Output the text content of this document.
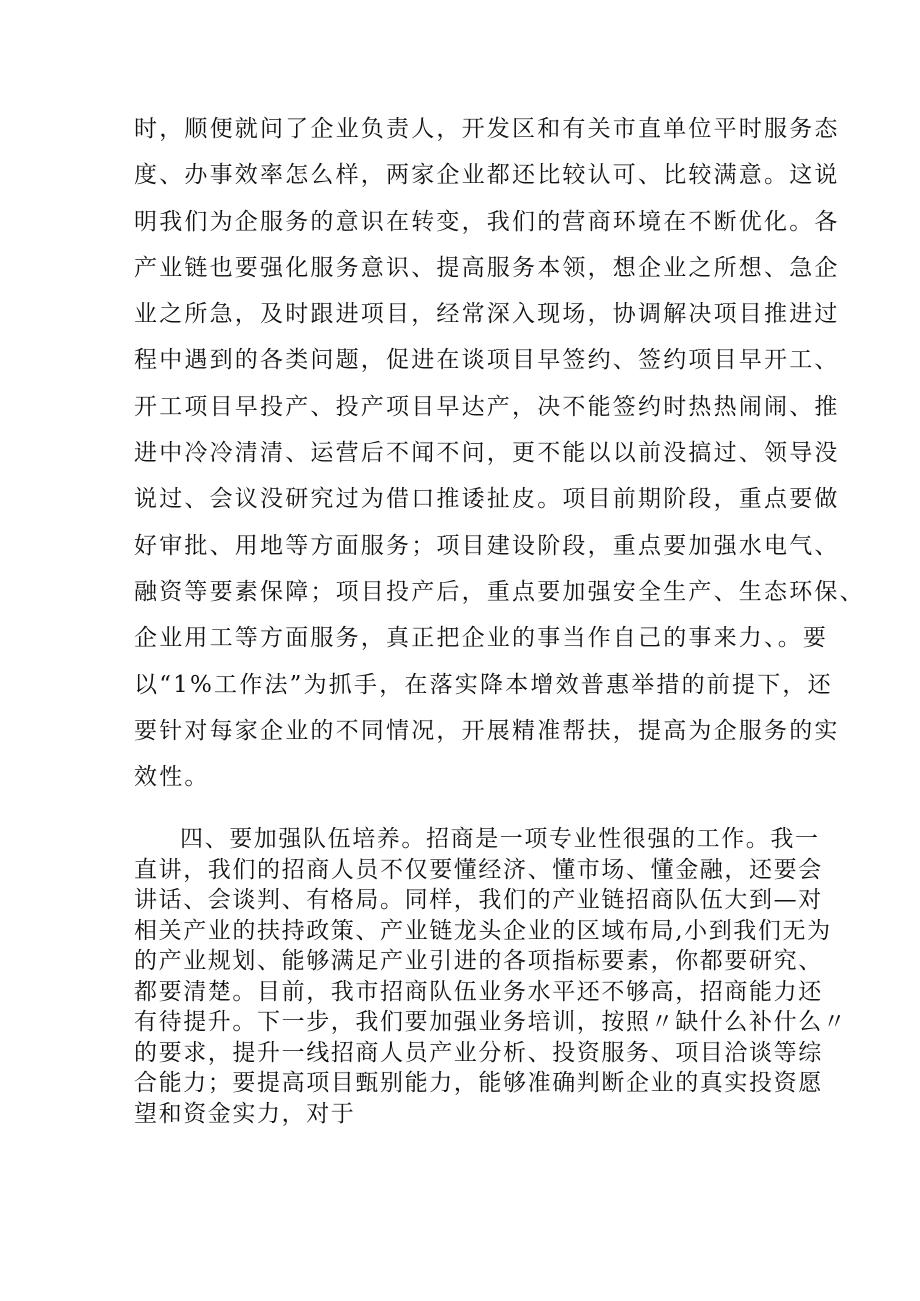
时，顺便就问了企业负责人，开发区和有关市直单位平时服务态
度、办事效率怎么样，两家企业都还比较认可、比较满意。这说
明我们为企服务的意识在转变，我们的营商环境在不断优化。各
产业链也要强化服务意识、提高服务本领，想企业之所想、急企
业之所急，及时跟进项目，经常深入现场，协调解决项目推进过
程中遇到的各类问题，促进在谈项目早签约、签约项目早开工、
开工项目早投产、投产项目早达产，决不能签约时热热闹闹、推
进中冷冷清清、运营后不闻不问，更不能以以前没搞过、领导没
说过、会议没研究过为借口推诿扯皮。项目前期阶段，重点要做
好审批、用地等方面服务；项目建设阶段，重点要加强水电气、
融资等要素保障；项目投产后，重点要加强安全生产、生态环保、
企业用工等方面服务，真正把企业的事当作自己的事来力、。要
以“1%工作法”为抓手，在落实降本增效普惠举措的前提下，还
要针对每家企业的不同情况，开展精准帮扶，提高为企服务的实
效性。
四、要加强队伍培养。招商是一项专业性很强的工作。我一
直讲，我们的招商人员不仅要懂经济、懂市场、懂金融，还要会
讲话、会谈判、有格局。同样，我们的产业链招商队伍大到—对
相关产业的扶持政策、产业链龙头企业的区域布局,小到我们无为
的产业规划、能够满足产业引进的各项指标要素，你都要研究、
都要清楚。目前，我市招商队伍业务水平还不够高，招商能力还
有待提升。下一步，我们要加强业务培训，按照〃缺什么补什么〃
的要求，提升一线招商人员产业分析、投资服务、项目洽谈等综
合能力；要提高项目甄别能力，能够准确判断企业的真实投资愿
望和资金实力，对于
